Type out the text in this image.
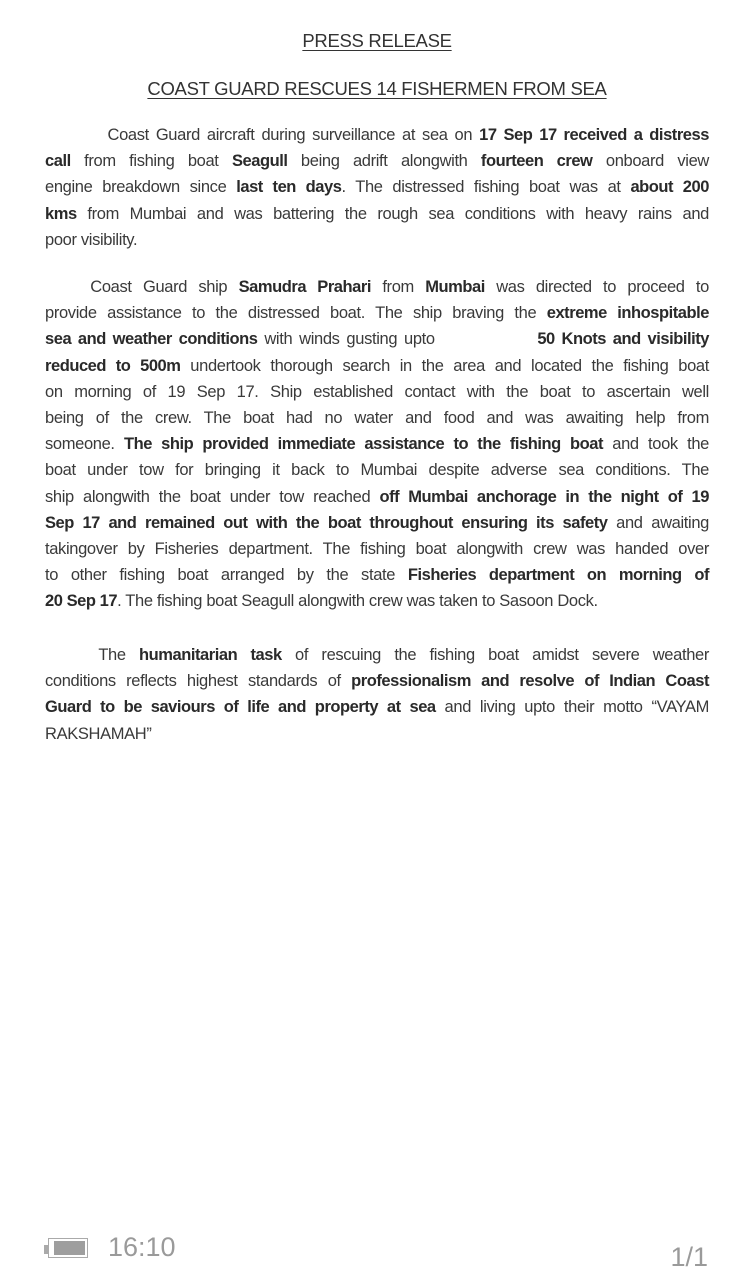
PRESS RELEASE
COAST GUARD RESCUES 14 FISHERMEN FROM SEA
Coast Guard aircraft during surveillance at sea on 17 Sep 17 received a distress
call from fishing boat Seagull being adrift alongwith fourteen crew onboard view
engine breakdown since last ten days. The distressed fishing boat was at about 200
kms from Mumbai and was battering the rough sea conditions with heavy rains and
poor visibility.
Coast Guard ship Samudra Prahari from Mumbai was directed to proceed to
provide assistance to the distressed boat. The ship braving the extreme inhospitable
sea and weather conditions with winds gusting upto               50 Knots and visibility
reduced to 500m undertook thorough search in the area and located the fishing boat
on morning of 19 Sep 17. Ship established contact with the boat to ascertain well
being of the crew. The boat had no water and food and was awaiting help from
someone. The ship provided immediate assistance to the fishing boat and took the
boat under tow for bringing it back to Mumbai despite adverse sea conditions. The
ship alongwith the boat under tow reached off Mumbai anchorage in the night of 19
Sep 17 and remained out with the boat throughout ensuring its safety and awaiting
takingover by Fisheries department. The fishing boat alongwith crew was handed over
to other fishing boat arranged by the state Fisheries department on morning of
20 Sep 17. The fishing boat Seagull alongwith crew was taken to Sasoon Dock.
The humanitarian task of rescuing the fishing boat amidst severe weather
conditions reflects highest standards of professionalism and resolve of Indian Coast
Guard to be saviours of life and property at sea and living upto their motto “VAYAM
RAKSHAMAH”
16:10	1/1
